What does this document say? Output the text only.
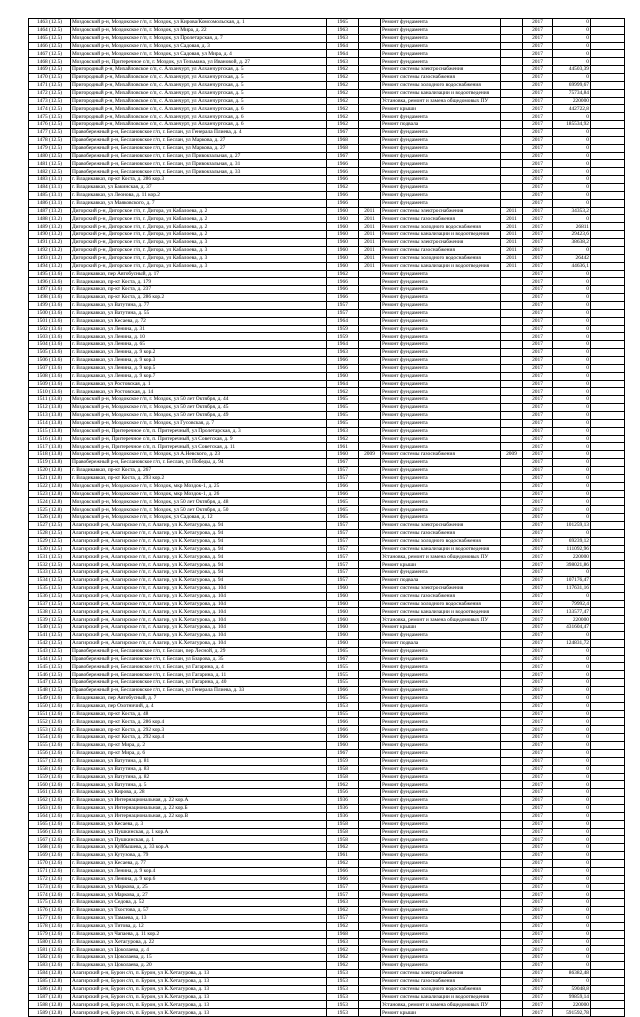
1463 (12.5)	Моздокский р-н, Моздокское г/п, г. Моздок, ул Кирова/Комсомольская, д. 1	1965		Ремонт фундамента		2017	0	
1464 (12.5)	Моздокский р-н, Моздокское г/п, г. Моздок, ул Мира, д. 22	1963		Ремонт фундамента		2017	0	
1465 (12.5)	Моздокский р-н, Моздокское г/п, г. Моздок, ул Пролетарская, д. 7	1963		Ремонт фундамента		2017	0	
1466 (12.5)	Моздокский р-н, Моздокское г/п, г. Моздок, ул Садовая, д. 3	1964		Ремонт фундамента		2017	0	
1467 (12.5)	Моздокский р-н, Моздокское г/п, г. Моздок, ул Садовая, ул Мира, д. 4	1964		Ремонт фундамента		2017	0	
1468 (12.5)	Моздокский р-н, Притеречное с/п, г. Моздок, ул Тельмана, ул Ивановой, д. 27	1963		Ремонт фундамента		2017	0	
1469 (12.5)	Пригородный р-н, Михайловское с/п, с. Алханчурт, ул Алханчуртская, д. 5	1962		Ремонт системы электроснабжения		2017	44503,39	
1470 (12.5)	Пригородный р-н, Михайловское с/п, с. Алханчурт, ул Алханчуртская, д. 5	1962		Ремонт системы газоснабжения		2017	0	
1471 (12.5)	Пригородный р-н, Михайловское с/п, с. Алханчурт, ул Алханчуртская, д. 5	1962		Ремонт системы холодного водоснабжения		2017	69999,67	
1472 (12.5)	Пригородный р-н, Михайловское с/п, с. Алханчурт, ул Алханчуртская, д. 5	1962		Ремонт системы канализации и водоотведения		2017	75734,84	
1473 (12.5)	Пригородный р-н, Михайловское с/п, с. Алханчурт, ул Алханчуртская, д. 5	1962		Установка, ремонт и замена общедомовых ПУ		2017	220000	
1474 (12.5)	Пригородный р-н, Михайловское с/п, с. Алханчурт, ул Алханчуртская, д. 6	1962		Ремонт крыши		2017	442722,8	
1475 (12.5)	Пригородный р-н, Михайловское с/п, с. Алханчурт, ул Алханчуртская, д. 6	1962		Ремонт фундамента		2017	0	
1476 (12.5)	Пригородный р-н, Михайловское с/п, с. Алханчурт, ул Алханчуртская, д. 6	1962		Ремонт подвала		2017	185534,92	
1477 (12.5)	Правобережный р-н, Беслановское г/п, г. Беслан, ул Генерала Плиева, д. 4	1967		Ремонт фундамента		2017	0	
1478 (12.5)	Правобережный р-н, Беслановское г/п, г. Беслан, ул Маркова, д. 27	1968		Ремонт фундамента		2017	0	
1479 (12.5)	Правобережный р-н, Беслановское г/п, г. Беслан, ул Маркова, д. 27	1968		Ремонт фундамента		2017	0	
1480 (12.5)	Правобережный р-н, Беслановское г/п, г. Беслан, ул Привокзальная, д. 27	1967		Ремонт фундамента		2017	0	
1481 (12.5)	Правобережный р-н, Беслановское г/п, г. Беслан, ул Привокзальная, д. 31	1966		Ремонт фундамента		2017	0	
1482 (12.5)	Правобережный р-н, Беслановское г/п, г. Беслан, ул Привокзальная, д. 33	1966		Ремонт фундамента		2017	0	
1483 (13.1)	г. Владикавказ, пр-кт Коста, д. 286 кор.3	1966		Ремонт фундамента		2017	0	
1484 (13.1)	г. Владикавказ, ул Бакинская, д. 37	1962		Ремонт фундамента		2017	0	
1485 (13.1)	г. Владикавказ, ул Леонова, д. 11 кор.2	1966		Ремонт фундамента		2017	0	
1486 (13.1)	г. Владикавказ, ул Маяковского, д. 7	1966		Ремонт фундамента		2017	0	
1487 (13.2)	Дигорский р-н, Дигорское г/п, г. Дигора, ул Кабалоева, д. 2	1960	2011	Ремонт системы электроснабжения	2011	2017	34353,2	
1488 (13.2)	Дигорский р-н, Дигорское г/п, г. Дигора, ул Кабалоева, д. 2	1960	2011	Ремонт системы газоснабжения	2011	2017	0	
1489 (13.2)	Дигорский р-н, Дигорское г/п, г. Дигора, ул Кабалоева, д. 2	1960	2011	Ремонт системы холодного водоснабжения	2011	2017	26811	
1490 (13.2)	Дигорский р-н, Дигорское г/п, г. Дигора, ул Кабалоева, д. 2	1960	2011	Ремонт системы канализации и водоотведения	2011	2017	29423,6	
1491 (13.2)	Дигорский р-н, Дигорское г/п, г. Дигора, ул Кабалоева, д. 3	1960	2011	Ремонт системы электроснабжения	2011	2017	38638,2	
1492 (13.2)	Дигорский р-н, Дигорское г/п, г. Дигора, ул Кабалоева, д. 3	1960	2011	Ремонт системы газоснабжения	2011	2017	0	
1493 (13.2)	Дигорский р-н, Дигорское г/п, г. Дигора, ул Кабалоева, д. 3	1960	2011	Ремонт системы холодного водоснабжения	2011	2017	26442	
1494 (13.2)	Дигорский р-н, Дигорское г/п, г. Дигора, ул Кабалоева, д. 3	1960	2011	Ремонт системы канализации и водоотведения	2011	2017	44636,1	
1495 (13.6)	г. Владикавказ, пер Автобусный, д. 17	1962		Ремонт фундамента		2017	0	
1496 (13.6)	г. Владикавказ, пр-кт Коста, д. 179	1966		Ремонт фундамента		2017	0	
1497 (13.6)	г. Владикавказ, пр-кт Коста, д. 237	1966		Ремонт фундамента		2017	0	
1498 (13.6)	г. Владикавказ, пр-кт Коста, д. 286 кор.2	1966		Ремонт фундамента		2017	0	
1499 (13.6)	г. Владикавказ, ул Ватутина, д. 77	1957		Ремонт фундамента		2017	0	
1500 (13.6)	г. Владикавказ, ул Ватутина, д. 55	1957		Ремонт фундамента		2017	0	
1501 (13.6)	г. Владикавказ, ул Кесаева, д. 72	1964		Ремонт фундамента		2017	0	
1502 (13.6)	г. Владикавказ, ул Ленина, д. 31	1959		Ремонт фундамента		2017	0	
1503 (13.6)	г. Владикавказ, ул Ленина, д. 10	1959		Ремонт фундамента		2017	0	
1504 (13.6)	г. Владикавказ, ул Ленина, д. 65	1964		Ремонт фундамента		2017	0	
1505 (13.6)	г. Владикавказ, ул Ленина, д. 9 кор.2	1963		Ремонт фундамента		2017	0	
1506 (13.6)	г. Владикавказ, ул Ленина, д. 9 кор.3	1966		Ремонт фундамента		2017	0	
1507 (13.6)	г. Владикавказ, ул Ленина, д. 9 кор.5	1966		Ремонт фундамента		2017	0	
1508 (13.6)	г. Владикавказ, ул Ленина, д. 9 кор.7	1960		Ремонт фундамента		2017	0	
1509 (13.6)	г. Владикавказ, ул Ростовская, д. 1	1964		Ремонт фундамента		2017	0	
1510 (13.6)	г. Владикавказ, ул Ростовская, д. 14	1962		Ремонт фундамента		2017	0	
1511 (13.8)	Моздокский р-н, Моздокское г/п, г. Моздок, ул 50 лет Октября, д. 44	1965		Ремонт фундамента		2017	0	
1512 (13.8)	Моздокский р-н, Моздокское г/п, г. Моздок, ул 50 лет Октября, д. 45	1965		Ремонт фундамента		2017	0	
1513 (13.8)	Моздокский р-н, Моздокское г/п, г. Моздок, ул 50 лет Октября, д. 49	1965		Ремонт фундамента		2017	0	
1514 (13.8)	Моздокский р-н, Моздокское г/п, г. Моздок, ул Гусовская, д. 7	1965		Ремонт фундамента		2017	0	
1515 (13.8)	Моздокский р-н, Притеречное с/п, п. Притеречный, ул Пролетарская, д. 3	1963		Ремонт фундамента		2017	0	
1516 (13.8)	Моздокский р-н, Притеречное с/п, п. Притеречный, ул Советская, д. 9	1962		Ремонт фундамента		2017	0	
1517 (13.8)	Моздокский р-н, Притеречное с/п, п. Притеречный, ул Советская, д. 11	1961		Ремонт фундамента		2017	0	
1518 (13.8)	Моздокский р-н, Моздокское г/п, г. Моздок, ул А.Невского, д. 23	1960	2009	Ремонт системы газоснабжения	2009	2017	0	
1519 (13.8)	Правобережный р-н, Беслановское г/п, г. Беслан, ул Победы, д. 94	1967		Ремонт фундамента		2017	0	
1520 (12.8)	г. Владикавказ, пр-кт Коста, д. 267	1957		Ремонт фундамента		2017	0	
1521 (12.8)	г. Владикавказ, пр-кт Коста, д. 293 кор.2	1957		Ремонт фундамента		2017	0	
1522 (12.8)	Моздокский р-н, Моздокское г/п, г. Моздок, мкр Моздок-1, д. 25	1966		Ремонт фундамента		2017	0	
1523 (12.8)	Моздокский р-н, Моздокское г/п, г. Моздок, мкр Моздок-1, д. 26	1966		Ремонт фундамента		2017	0	
1524 (12.8)	Моздокский р-н, Моздокское г/п, г. Моздок, ул 50 лет Октября, д. 48	1965		Ремонт фундамента		2017	0	
1525 (12.8)	Моздокский р-н, Моздокское г/п, г. Моздок, ул 50 лет Октября, д. 50	1965		Ремонт фундамента		2017	0	
1526 (12.8)	Моздокский р-н, Моздокское г/п, г. Моздок, ул Садовая, д. 12	1965		Ремонт фундамента		2017	0	
1527 (12.5)	Алагирский р-н, Алагирское г/п, г. Алагир, ул К.Хетагурова, д. 94	1957		Ремонт системы электроснабжения		2017	101259,13	
1528 (12.5)	Алагирский р-н, Алагирское г/п, г. Алагир, ул К.Хетагурова, д. 94	1957		Ремонт системы газоснабжения		2017	0	
1529 (12.5)	Алагирский р-н, Алагирское г/п, г. Алагир, ул К.Хетагурова, д. 94	1957		Ремонт системы холодного водоснабжения		2017	69239,12	
1530 (12.5)	Алагирский р-н, Алагирское г/п, г. Алагир, ул К.Хетагурова, д. 94	1957		Ремонт системы канализации и водоотведения		2017	111092,96	
1531 (12.5)	Алагирский р-н, Алагирское г/п, г. Алагир, ул К.Хетагурова, д. 94	1957		Установка, ремонт и замена общедомовых ПУ		2017	220000	
1532 (12.5)	Алагирский р-н, Алагирское г/п, г. Алагир, ул К.Хетагурова, д. 94	1957		Ремонт крыши		2017	398021,86	
1533 (12.5)	Алагирский р-н, Алагирское г/п, г. Алагир, ул К.Хетагурова, д. 94	1957		Ремонт фундамента		2017	0	
1534 (12.5)	Алагирский р-н, Алагирское г/п, г. Алагир, ул К.Хетагурова, д. 94	1957		Ремонт подвала		2017	107176,47	
1535 (12.5)	Алагирский р-н, Алагирское г/п, г. Алагир, ул К.Хетагурова, д. 104	1960		Ремонт системы электроснабжения		2017	117631,16	
1536 (12.5)	Алагирский р-н, Алагирское г/п, г. Алагир, ул К.Хетагурова, д. 104	1960		Ремонт системы газоснабжения		2017	0	
1537 (12.5)	Алагирский р-н, Алагирское г/п, г. Алагир, ул К.Хетагурова, д. 104	1960		Ремонт системы холодного водоснабжения		2017	79992,4	
1538 (12.5)	Алагирский р-н, Алагирское г/п, г. Алагир, ул К.Хетагурова, д. 104	1960		Ремонт системы канализации и водоотведения		2017	133577,47	
1539 (12.5)	Алагирский р-н, Алагирское г/п, г. Алагир, ул К.Хетагурова, д. 104	1960		Установка, ремонт и замена общедомовых ПУ		2017	220000	
1540 (12.5)	Алагирский р-н, Алагирское г/п, г. Алагир, ул К.Хетагурова, д. 104	1960		Ремонт крыши		2017	431604,47	
1541 (12.5)	Алагирский р-н, Алагирское г/п, г. Алагир, ул К.Хетагурова, д. 104	1960		Ремонт фундамента		2017	0	
1542 (12.5)	Алагирский р-н, Алагирское г/п, г. Алагир, ул К.Хетагурова, д. 104	1960		Ремонт подвала		2017	124831,72	
1543 (12.5)	Правобережный р-н, Беслановское г/п, г. Беслан, пер Лесной, д. 29	1965		Ремонт фундамента		2017	0	
1544 (12.5)	Правобережный р-н, Беслановское г/п, г. Беслан, ул Бзарова, д. 35	1967		Ремонт фундамента		2017	0	
1545 (12.5)	Правобережный р-н, Беслановское г/п, г. Беслан, ул Гагарина, д. 4	1955		Ремонт фундамента		2017	0	
1546 (12.5)	Правобережный р-н, Беслановское г/п, г. Беслан, ул Гагарина, д. 11	1955		Ремонт фундамента		2017	0	
1547 (12.5)	Правобережный р-н, Беслановское г/п, г. Беслан, ул Гагарина, д. 40	1955		Ремонт фундамента		2017	0	
1548 (12.5)	Правобережный р-н, Беслановское г/п, г. Беслан, ул Генерала Плиева, д. 33	1966		Ремонт фундамента		2017	0	
1549 (12.6)	г. Владикавказ, пер Автобусный, д. 7	1965		Ремонт фундамента		2017	0	
1550 (12.6)	г. Владикавказ, пер Охотничий, д. 4	1953		Ремонт фундамента		2017	0	
1551 (12.6)	г. Владикавказ, пр-кт Коста, д. 48	1955		Ремонт фундамента		2017	0	
1552 (12.6)	г. Владикавказ, пр-кт Коста, д. 286 кор.4	1966		Ремонт фундамента		2017	0	
1553 (12.6)	г. Владикавказ, пр-кт Коста, д. 292 кор.3	1966		Ремонт фундамента		2017	0	
1554 (12.6)	г. Владикавказ, пр-кт Коста, д. 292 кор.4	1966		Ремонт фундамента		2017	0	
1555 (12.6)	г. Владикавказ, пр-кт Мира, д. 2	1960		Ремонт фундамента		2017	0	
1556 (12.6)	г. Владикавказ, пр-кт Мира, д. 6	1967		Ремонт фундамента		2017	0	
1557 (12.6)	г. Владикавказ, ул Ватутина, д. 81	1959		Ремонт фундамента		2017	0	
1558 (12.6)	г. Владикавказ, ул Ватутина, д. 83	1958		Ремонт фундамента		2017	0	
1559 (12.6)	г. Владикавказ, ул Ватутина, д. 82	1958		Ремонт фундамента		2017	0	
1560 (12.6)	г. Владикавказ, ул Ватутина, д. 5	1962		Ремонт фундамента		2017	0	
1561 (12.6)	г. Владикавказ, ул Кирова, д. 28	1956		Ремонт фундамента		2017	0	
1562 (12.6)	г. Владикавказ, ул Интернациональная, д. 22 кор.А	1936		Ремонт фундамента		2017	0	
1563 (12.6)	г. Владикавказ, ул Интернациональная, д. 22 кор.Б	1936		Ремонт фундамента		2017	0	
1564 (12.6)	г. Владикавказ, ул Интернациональная, д. 22 кор.В	1936		Ремонт фундамента		2017	0	
1565 (12.6)	г. Владикавказ, ул Кесаева, д. 3	1958		Ремонт фундамента		2017	0	
1566 (12.6)	г. Владикавказ, ул Пушкинская, д. 1 кор.А	1958		Ремонт фундамента		2017	0	
1567 (12.6)	г. Владикавказ, ул Пушкинская, д. 1	1958		Ремонт фундамента		2017	0	
1568 (12.6)	г. Владикавказ, ул Куйбышева, д. 33 кор.А	1962		Ремонт фундамента		2017	0	
1569 (12.6)	г. Владикавказ, ул Кутузова, д. 79	1961		Ремонт фундамента		2017	0	
1570 (12.6)	г. Владикавказ, ул Кесаева, д. 77	1962		Ремонт фундамента		2017	0	
1571 (12.6)	г. Владикавказ, ул Ленина, д. 9 кор.4	1966		Ремонт фундамента		2017	0	
1572 (12.6)	г. Владикавказ, ул Ленина, д. 9 кор.6	1966		Ремонт фундамента		2017	0	
1573 (12.6)	г. Владикавказ, ул Маркова, д. 25	1957		Ремонт фундамента		2017	0	
1574 (12.6)	г. Владикавказ, ул Маркова, д. 27	1957		Ремонт фундамента		2017	0	
1575 (12.6)	г. Владикавказ, ул Седова, д. 52	1963		Ремонт фундамента		2017	0	
1576 (12.6)	г. Владикавказ, ул Тхостова, д. 57	1962		Ремонт фундамента		2017	0	
1577 (12.6)	г. Владикавказ, ул Тамаева, д. 13	1957		Ремонт фундамента		2017	0	
1578 (12.6)	г. Владикавказ, ул Титова, д. 12	1962		Ремонт фундамента		2017	0	
1579 (12.6)	г. Владикавказ, ул Чапаева, д. 11 кор.2	1968		Ремонт фундамента		2017	0	
1580 (12.6)	г. Владикавказ, ул Хетагурова, д. 22	1963		Ремонт фундамента		2017	0	
1581 (12.6)	г. Владикавказ, ул Цоколаева, д. 4	1962		Ремонт фундамента		2017	0	
1582 (12.6)	г. Владикавказ, ул Цоколаева, д. 15	1962		Ремонт фундамента		2017	0	
1583 (12.6)	г. Владикавказ, ул Цоколаева, д. 20	1962		Ремонт фундамента		2017	0	
1584 (12.8)	Алагирский р-н, Бурон с/п, п. Бурон, ул К.Хетагурова, д. 13	1953		Ремонт системы электроснабжения		2017	86382,48	
1585 (12.8)	Алагирский р-н, Бурон с/п, п. Бурон, ул К.Хетагурова, д. 13	1953		Ремонт системы газоснабжения		2017	0	
1586 (12.8)	Алагирский р-н, Бурон с/п, п. Бурон, ул К.Хетагурова, д. 13	1953		Ремонт системы холодного водоснабжения		2017	59048,8	
1587 (12.8)	Алагирский р-н, Бурон с/п, п. Бурон, ул К.Хетагурова, д. 13	1953		Ремонт системы канализации и водоотведения		2017	99859,14	
1588 (12.8)	Алагирский р-н, Бурон с/п, п. Бурон, ул К.Хетагурова, д. 13	1953		Установка, ремонт и замена общедомовых ПУ		2017	220000	
1589 (12.8)	Алагирский р-н, Бурон с/п, п. Бурон, ул К.Хетагурова, д. 13	1953		Ремонт крыши		2017	591592,78	
